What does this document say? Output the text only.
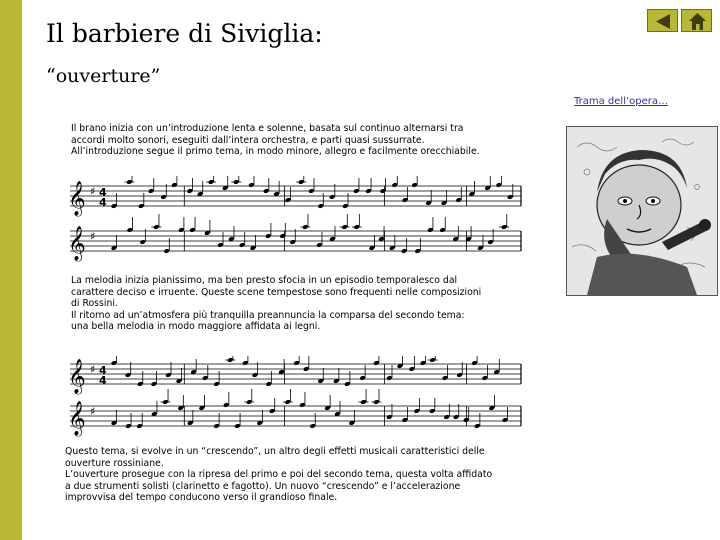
Il barbiere di Siviglia:
“ouverture”
Trama dell’opera…
Il brano inizia con un’introduzione lenta e solenne, basata sul continuo alternarsi tra
accordi molto sonori, eseguiti dall’intera orchestra, e parti quasi sussurrate.
All’introduzione segue il primo tema, in modo minore, allegro e facilmente orecchiabile.
𝄞 ♯ 4
4
𝄞 ♯
La melodia inizia pianissimo, ma ben presto sfocia in un episodio temporalesco dal
carattere deciso e irruente. Queste scene tempestose sono frequenti nelle composizioni
di Rossini.
Il ritorno ad un’atmosfera più tranquilla preannuncia la comparsa del secondo tema:
una bella melodia in modo maggiore affidata ai legni.
𝄞 ♯ 4
4
𝄞 ♯
Questo tema, si evolve in un “crescendo”, un altro degli effetti musicali caratteristici delle
ouverture rossiniane.
L’ouverture prosegue con la ripresa del primo e poi del secondo tema, questa volta affidato
a due strumenti solisti (clarinetto e fagotto). Un nuovo “crescendo” e l’accelerazione
improvvisa del tempo conducono verso il grandioso finale.
